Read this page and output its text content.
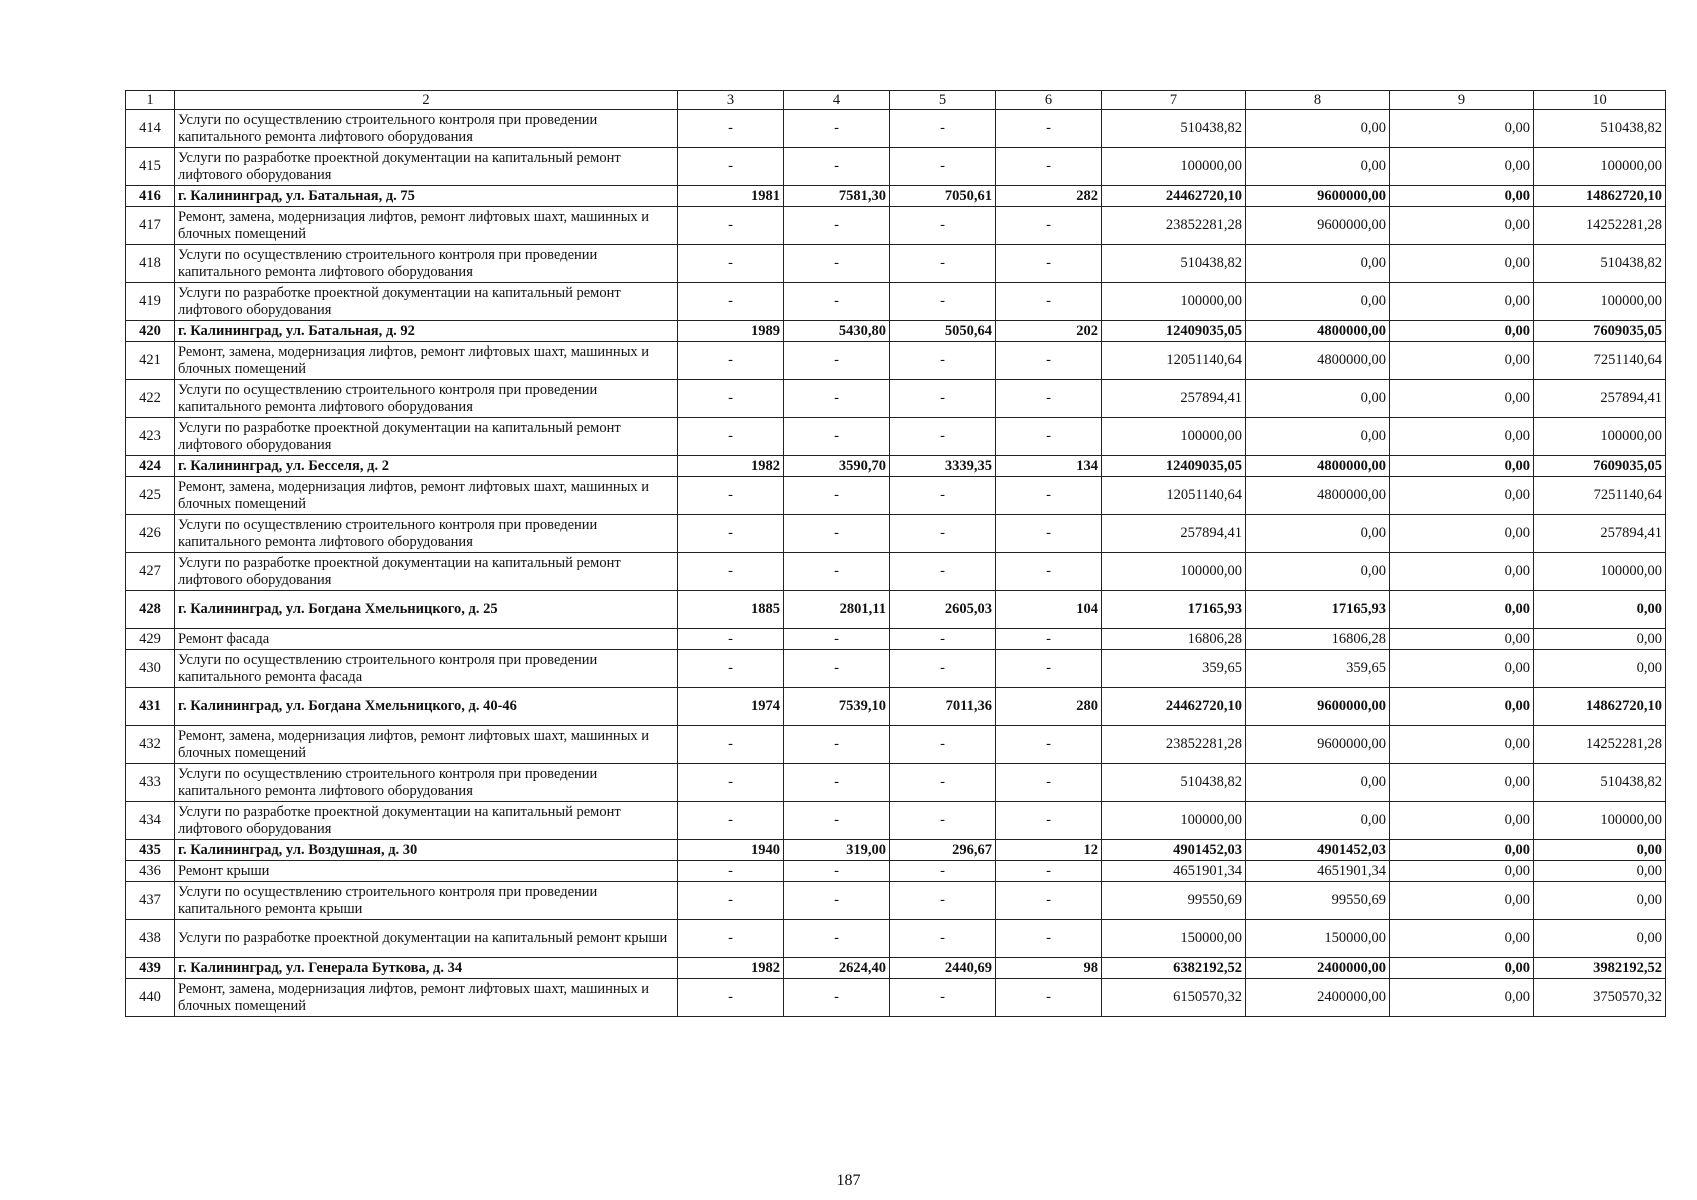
1	2	3	4	5	6	7	8	9	10
414	Услуги по осуществлению строительного контроля при проведении капитального ремонта лифтового оборудования	-	-	-	-	510438,82	0,00	0,00	510438,82
415	Услуги по разработке проектной документации на капитальный ремонт лифтового оборудования	-	-	-	-	100000,00	0,00	0,00	100000,00
416	г. Калининград, ул. Батальная, д. 75	1981	7581,30	7050,61	282	24462720,10	9600000,00	0,00	14862720,10
417	Ремонт, замена, модернизация лифтов, ремонт лифтовых шахт, машинных и блочных помещений	-	-	-	-	23852281,28	9600000,00	0,00	14252281,28
418	Услуги по осуществлению строительного контроля при проведении капитального ремонта лифтового оборудования	-	-	-	-	510438,82	0,00	0,00	510438,82
419	Услуги по разработке проектной документации на капитальный ремонт лифтового оборудования	-	-	-	-	100000,00	0,00	0,00	100000,00
420	г. Калининград, ул. Батальная, д. 92	1989	5430,80	5050,64	202	12409035,05	4800000,00	0,00	7609035,05
421	Ремонт, замена, модернизация лифтов, ремонт лифтовых шахт, машинных и блочных помещений	-	-	-	-	12051140,64	4800000,00	0,00	7251140,64
422	Услуги по осуществлению строительного контроля при проведении капитального ремонта лифтового оборудования	-	-	-	-	257894,41	0,00	0,00	257894,41
423	Услуги по разработке проектной документации на капитальный ремонт лифтового оборудования	-	-	-	-	100000,00	0,00	0,00	100000,00
424	г. Калининград, ул. Бесселя, д. 2	1982	3590,70	3339,35	134	12409035,05	4800000,00	0,00	7609035,05
425	Ремонт, замена, модернизация лифтов, ремонт лифтовых шахт, машинных и блочных помещений	-	-	-	-	12051140,64	4800000,00	0,00	7251140,64
426	Услуги по осуществлению строительного контроля при проведении капитального ремонта лифтового оборудования	-	-	-	-	257894,41	0,00	0,00	257894,41
427	Услуги по разработке проектной документации на капитальный ремонт лифтового оборудования	-	-	-	-	100000,00	0,00	0,00	100000,00
428	г. Калининград, ул. Богдана Хмельницкого, д. 25	1885	2801,11	2605,03	104	17165,93	17165,93	0,00	0,00
429	Ремонт фасада	-	-	-	-	16806,28	16806,28	0,00	0,00
430	Услуги по осуществлению строительного контроля при проведении капитального ремонта фасада	-	-	-	-	359,65	359,65	0,00	0,00
431	г. Калининград, ул. Богдана Хмельницкого, д. 40-46	1974	7539,10	7011,36	280	24462720,10	9600000,00	0,00	14862720,10
432	Ремонт, замена, модернизация лифтов, ремонт лифтовых шахт, машинных и блочных помещений	-	-	-	-	23852281,28	9600000,00	0,00	14252281,28
433	Услуги по осуществлению строительного контроля при проведении капитального ремонта лифтового оборудования	-	-	-	-	510438,82	0,00	0,00	510438,82
434	Услуги по разработке проектной документации на капитальный ремонт лифтового оборудования	-	-	-	-	100000,00	0,00	0,00	100000,00
435	г. Калининград, ул. Воздушная, д. 30	1940	319,00	296,67	12	4901452,03	4901452,03	0,00	0,00
436	Ремонт крыши	-	-	-	-	4651901,34	4651901,34	0,00	0,00
437	Услуги по осуществлению строительного контроля при проведении капитального ремонта крыши	-	-	-	-	99550,69	99550,69	0,00	0,00
438	Услуги по разработке проектной документации на капитальный ремонт крыши	-	-	-	-	150000,00	150000,00	0,00	0,00
439	г. Калининград, ул. Генерала Буткова, д. 34	1982	2624,40	2440,69	98	6382192,52	2400000,00	0,00	3982192,52
440	Ремонт, замена, модернизация лифтов, ремонт лифтовых шахт, машинных и блочных помещений	-	-	-	-	6150570,32	2400000,00	0,00	3750570,32
187
